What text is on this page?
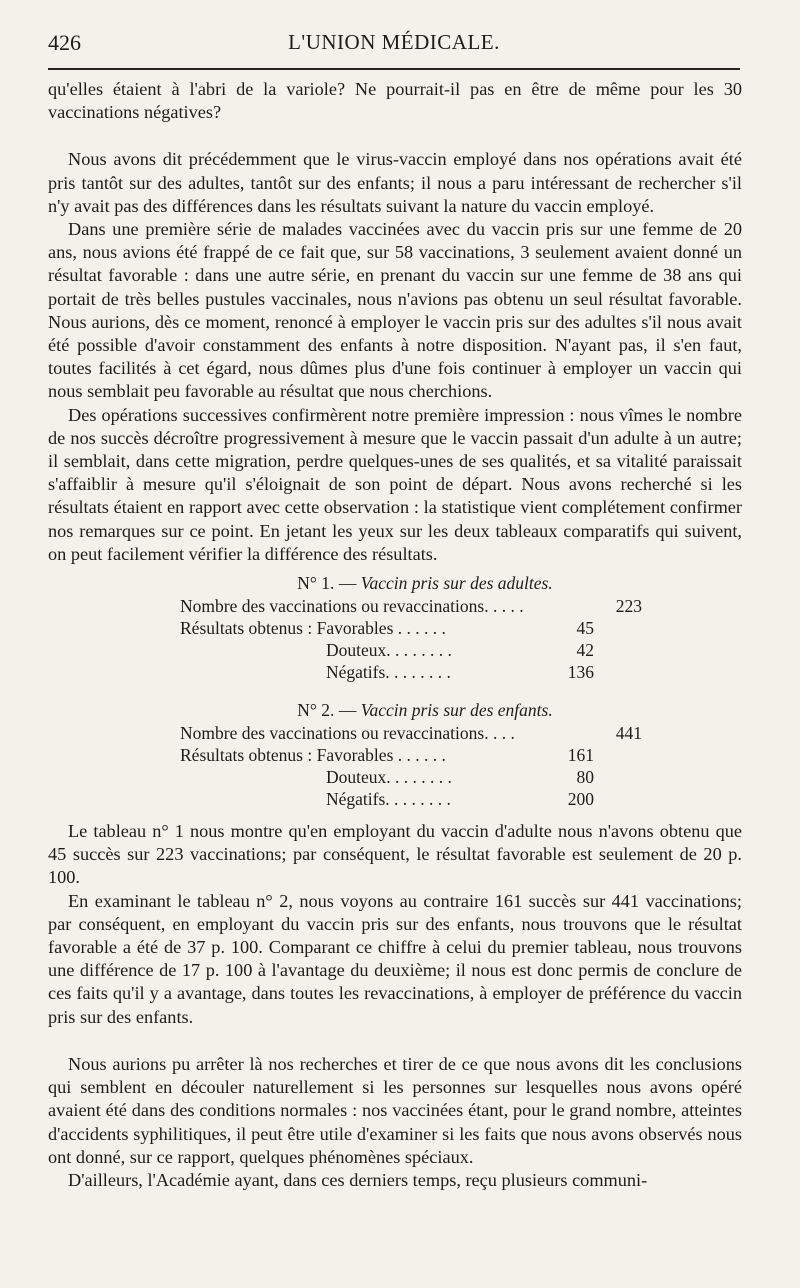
426	L'UNION MÉDICALE.

qu'elles étaient à l'abri de la variole? Ne pourrait-il pas en être de même pour les 30 vaccinations négatives?

Nous avons dit précédemment que le virus-vaccin employé dans nos opérations avait été pris tantôt sur des adultes, tantôt sur des enfants; il nous a paru intéressant de rechercher s'il n'y avait pas des différences dans les résultats suivant la nature du vaccin employé.

Dans une première série de malades vaccinées avec du vaccin pris sur une femme de 20 ans, nous avions été frappé de ce fait que, sur 58 vaccinations, 3 seulement avaient donné un résultat favorable : dans une autre série, en prenant du vaccin sur une femme de 38 ans qui portait de très belles pustules vaccinales, nous n'avions pas obtenu un seul résultat favorable. Nous aurions, dès ce moment, renoncé à employer le vaccin pris sur des adultes s'il nous avait été possible d'avoir constamment des enfants à notre disposition. N'ayant pas, il s'en faut, toutes facilités à cet égard, nous dûmes plus d'une fois continuer à employer un vaccin qui nous semblait peu favorable au résultat que nous cherchions.

Des opérations successives confirmèrent notre première impression : nous vîmes le nombre de nos succès décroître progressivement à mesure que le vaccin passait d'un adulte à un autre; il semblait, dans cette migration, perdre quelques-unes de ses qualités, et sa vitalité paraissait s'affaiblir à mesure qu'il s'éloignait de son point de départ. Nous avons recherché si les résultats étaient en rapport avec cette observation : la statistique vient complétement confirmer nos remarques sur ce point. En jetant les yeux sur les deux tableaux comparatifs qui suivent, on peut facilement vérifier la différence des résultats.

N° 1. — Vaccin pris sur des adultes.
Nombre des vaccinations ou revaccinations. . . . .	223
Résultats obtenus : Favorables . . . . . .	45
Douteux. . . . . . . .	42
Négatifs. . . . . . . .	136
N° 2. — Vaccin pris sur des enfants.
Nombre des vaccinations ou revaccinations. . . .	441
Résultats obtenus : Favorables . . . . . .	161
Douteux. . . . . . . .	80
Négatifs. . . . . . . .	200

Le tableau n° 1 nous montre qu'en employant du vaccin d'adulte nous n'avons obtenu que 45 succès sur 223 vaccinations; par conséquent, le résultat favorable est seulement de 20 p. 100.

En examinant le tableau n° 2, nous voyons au contraire 161 succès sur 441 vaccinations; par conséquent, en employant du vaccin pris sur des enfants, nous trouvons que le résultat favorable a été de 37 p. 100. Comparant ce chiffre à celui du premier tableau, nous trouvons une différence de 17 p. 100 à l'avantage du deuxième; il nous est donc permis de conclure de ces faits qu'il y a avantage, dans toutes les revaccinations, à employer de préférence du vaccin pris sur des enfants.

Nous aurions pu arrêter là nos recherches et tirer de ce que nous avons dit les conclusions qui semblent en découler naturellement si les personnes sur lesquelles nous avons opéré avaient été dans des conditions normales : nos vaccinées étant, pour le grand nombre, atteintes d'accidents syphilitiques, il peut être utile d'examiner si les faits que nous avons observés nous ont donné, sur ce rapport, quelques phénomènes spéciaux.

D'ailleurs, l'Académie ayant, dans ces derniers temps, reçu plusieurs communi-
